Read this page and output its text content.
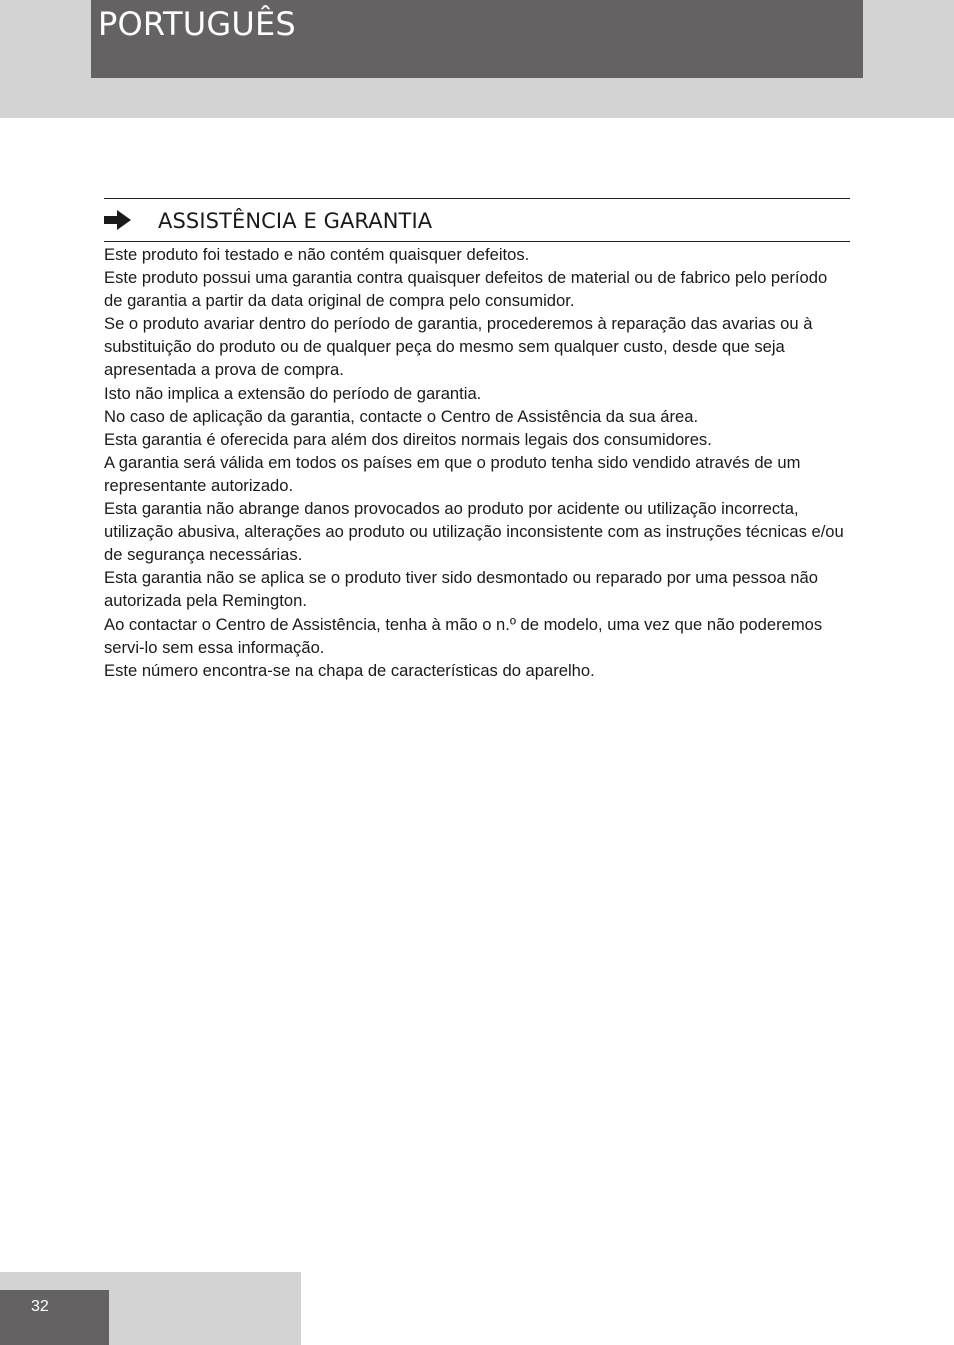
PORTUGUÊS
ASSISTÊNCIA E GARANTIA

Este produto foi testado e não contém quaisquer defeitos.

Este produto possui uma garantia contra quaisquer defeitos de material ou de fabrico pelo período de garantia a partir da data original de compra pelo consumidor.

Se o produto avariar dentro do período de garantia, procederemos à reparação das avarias ou à substituição do produto ou de qualquer peça do mesmo sem qualquer custo, desde que seja apresentada a prova de compra.

Isto não implica a extensão do período de garantia.

No caso de aplicação da garantia, contacte o Centro de Assistência da sua área.

Esta garantia é oferecida para além dos direitos normais legais dos consumidores.

A garantia será válida em todos os países em que o produto tenha sido vendido através de um representante autorizado.

Esta garantia não abrange danos provocados ao produto por acidente ou utilização incorrecta, utilização abusiva, alterações ao produto ou utilização inconsistente com as instruções técnicas e/ou de segurança necessárias.

Esta garantia não se aplica se o produto tiver sido desmontado ou reparado por uma pessoa não autorizada pela Remington.

Ao contactar o Centro de Assistência, tenha à mão o n.º de modelo, uma vez que não poderemos servi-lo sem essa informação.

Este número encontra-se na chapa de características do aparelho.

32
